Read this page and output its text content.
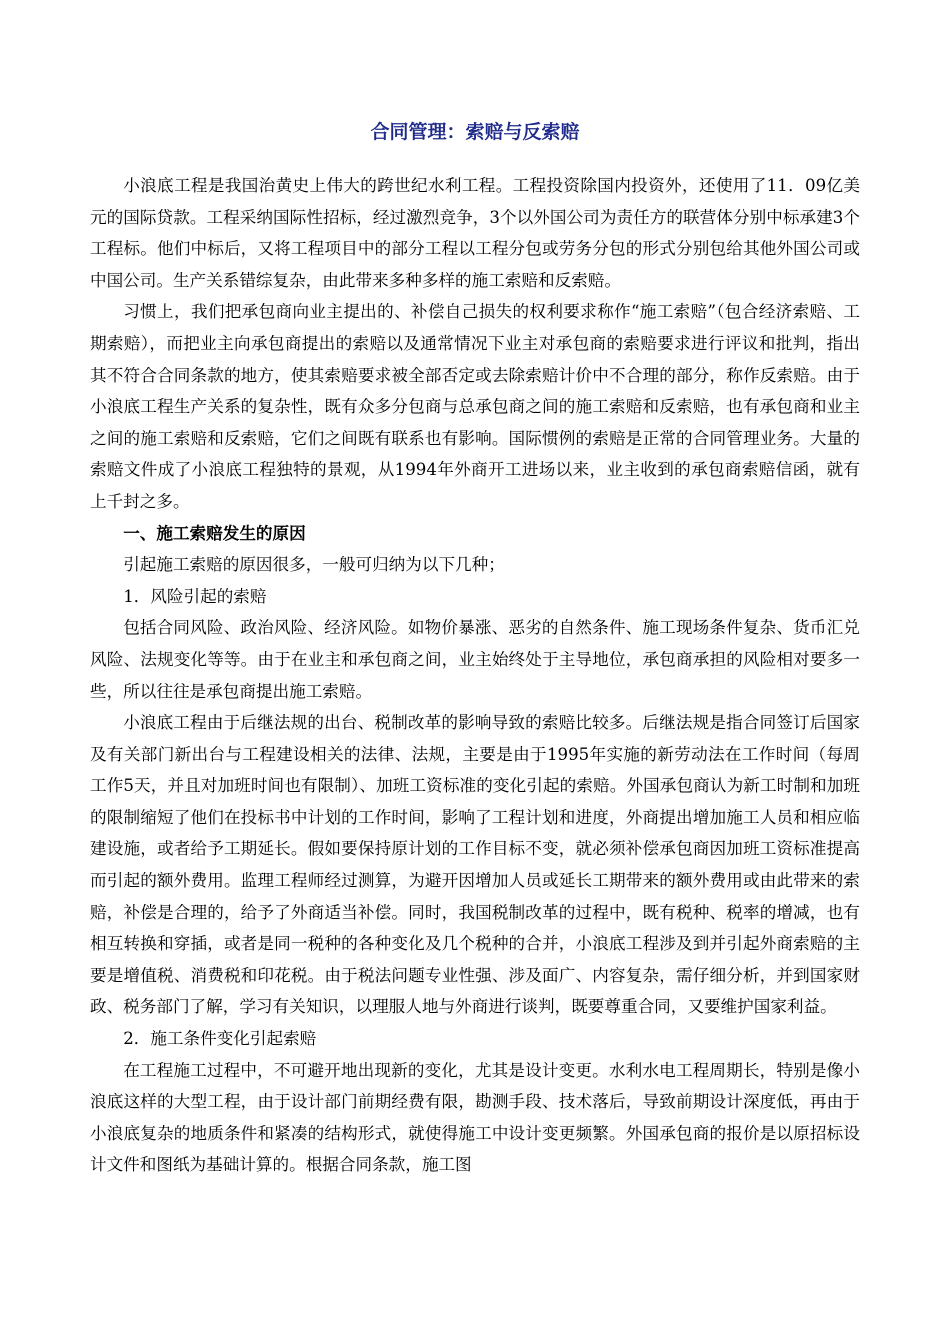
合同管理：索赔与反索赔

小浪底工程是我国治黄史上伟大的跨世纪水利工程。工程投资除国内投资外，还使用了11．09亿美元的国际贷款。工程采纳国际性招标，经过激烈竞争，3个以外国公司为责任方的联营体分别中标承建3个工程标。他们中标后，又将工程项目中的部分工程以工程分包或劳务分包的形式分别包给其他外国公司或中国公司。生产关系错综复杂，由此带来多种多样的施工索赔和反索赔。

习惯上，我们把承包商向业主提出的、补偿自己损失的权利要求称作“施工索赔”（包合经济索赔、工期索赔），而把业主向承包商提出的索赔以及通常情况下业主对承包商的索赔要求进行评议和批判，指出其不符合合同条款的地方，使其索赔要求被全部否定或去除索赔计价中不合理的部分，称作反索赔。由于小浪底工程生产关系的复杂性，既有众多分包商与总承包商之间的施工索赔和反索赔，也有承包商和业主之间的施工索赔和反索赔，它们之间既有联系也有影响。国际惯例的索赔是正常的合同管理业务。大量的索赔文件成了小浪底工程独特的景观，从1994年外商开工进场以来，业主收到的承包商索赔信函，就有上千封之多。

一、施工索赔发生的原因

引起施工索赔的原因很多，一般可归纳为以下几种；

1．风险引起的索赔

包括合同风险、政治风险、经济风险。如物价暴涨、恶劣的自然条件、施工现场条件复杂、货币汇兑风险、法规变化等等。由于在业主和承包商之间，业主始终处于主导地位，承包商承担的风险相对要多一些，所以往往是承包商提出施工索赔。

小浪底工程由于后继法规的出台、税制改革的影响导致的索赔比较多。后继法规是指合同签订后国家及有关部门新出台与工程建设相关的法律、法规，主要是由于1995年实施的新劳动法在工作时间（每周工作5天，并且对加班时间也有限制）、加班工资标准的变化引起的索赔。外国承包商认为新工时制和加班的限制缩短了他们在投标书中计划的工作时间，影响了工程计划和进度，外商提出增加施工人员和相应临建设施，或者给予工期延长。假如要保持原计划的工作目标不变，就必须补偿承包商因加班工资标准提高而引起的额外费用。监理工程师经过测算，为避开因增加人员或延长工期带来的额外费用或由此带来的索赔，补偿是合理的，给予了外商适当补偿。同时，我国税制改革的过程中，既有税种、税率的增减，也有相互转换和穿插，或者是同一税种的各种变化及几个税种的合并，小浪底工程涉及到并引起外商索赔的主要是增值税、消费税和印花税。由于税法问题专业性强、涉及面广、内容复杂，需仔细分析，并到国家财政、税务部门了解，学习有关知识，以理服人地与外商进行谈判，既要尊重合同，又要维护国家利益。

2．施工条件变化引起索赔

在工程施工过程中，不可避开地出现新的变化，尤其是设计变更。水利水电工程周期长，特别是像小浪底这样的大型工程，由于设计部门前期经费有限，勘测手段、技术落后，导致前期设计深度低，再由于小浪底复杂的地质条件和紧凑的结构形式，就使得施工中设计变更频繁。外国承包商的报价是以原招标设计文件和图纸为基础计算的。根据合同条款，施工图
